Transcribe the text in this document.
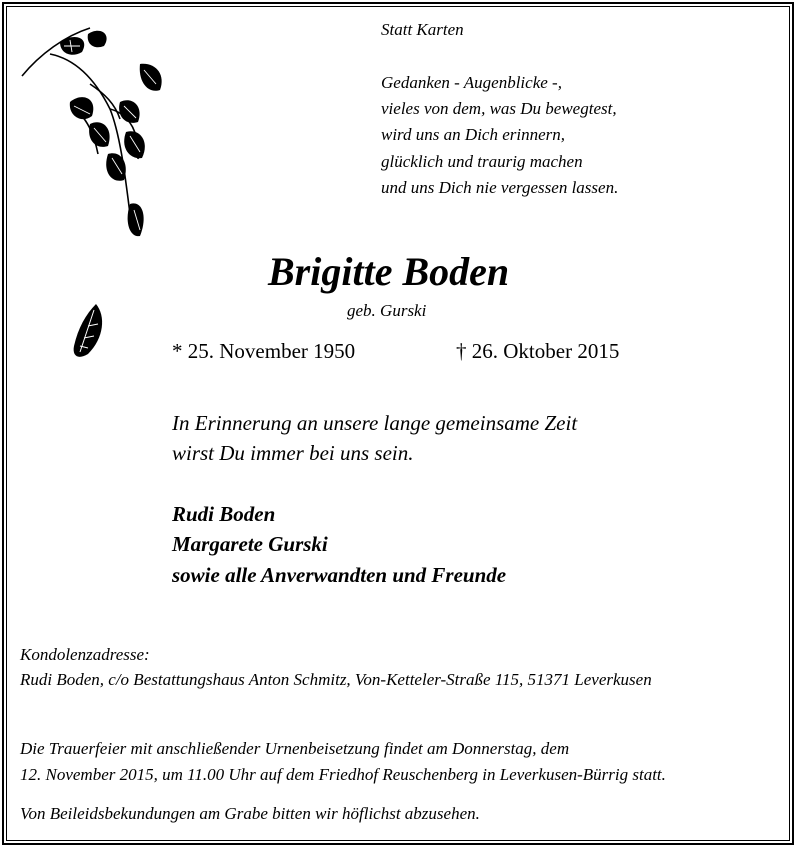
Statt Karten
Gedanken - Augenblicke -,
vieles von dem, was Du bewegtest,
wird uns an Dich erinnern,
glücklich und traurig machen
und uns Dich nie vergessen lassen.
Brigitte Boden
geb. Gurski
* 25. November 1950	† 26. Oktober 2015
In Erinnerung an unsere lange gemeinsame Zeit
wirst Du immer bei uns sein.
Rudi Boden
Margarete Gurski
sowie alle Anverwandten und Freunde
Kondolenzadresse:
Rudi Boden, c/o Bestattungshaus Anton Schmitz, Von-Ketteler-Straße 115, 51371 Leverkusen
Die Trauerfeier mit anschließender Urnenbeisetzung findet am Donnerstag, dem
12. November 2015, um 11.00 Uhr auf dem Friedhof Reuschenberg in Leverkusen-Bürrig statt.
Von Beileidsbekundungen am Grabe bitten wir höflichst abzusehen.
